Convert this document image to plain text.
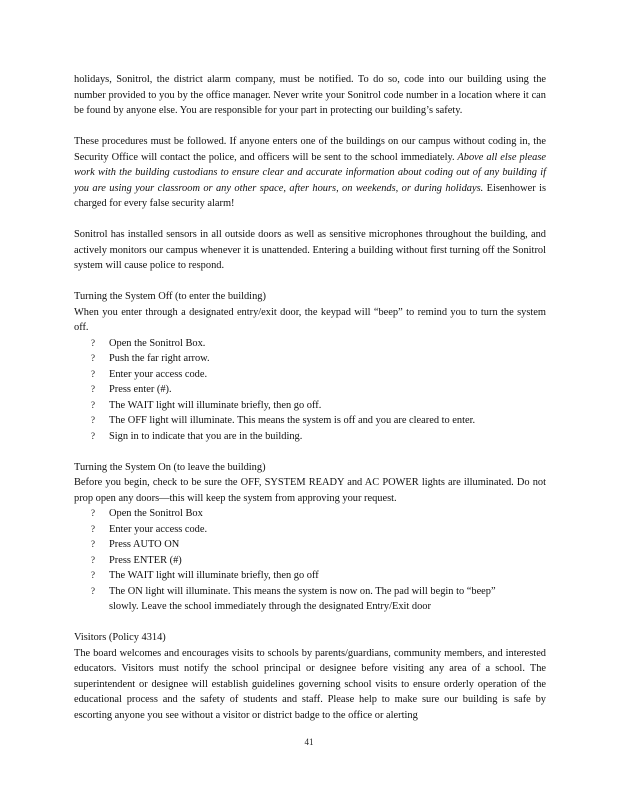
holidays, Sonitrol, the district alarm company, must be notified. To do so, code into our building using the number provided to you by the office manager. Never write your Sonitrol code number in a location where it can be found by anyone else. You are responsible for your part in protecting our building’s safety.

These procedures must be followed. If anyone enters one of the buildings on our campus without coding in, the Security Office will contact the police, and officers will be sent to the school immediately. Above all else please work with the building custodians to ensure clear and accurate information about coding out of any building if you are using your classroom or any other space, after hours, on weekends, or during holidays. Eisenhower is charged for every false security alarm!

Sonitrol has installed sensors in all outside doors as well as sensitive microphones throughout the building, and actively monitors our campus whenever it is unattended. Entering a building without first turning off the Sonitrol system will cause police to respond.

Turning the System Off (to enter the building)

When you enter through a designated entry/exit door, the keypad will “beep” to remind you to turn the system off.

? Open the Sonitrol Box.
? Push the far right arrow.
? Enter your access code.
? Press enter (#).
? The WAIT light will illuminate briefly, then go off.
? The OFF light will illuminate. This means the system is off and you are cleared to enter.
? Sign in to indicate that you are in the building.

Turning the System On (to leave the building)

Before you begin, check to be sure the OFF, SYSTEM READY and AC POWER lights are illuminated. Do not prop open any doors—this will keep the system from approving your request.

? Open the Sonitrol Box
? Enter your access code.
? Press AUTO ON
? Press ENTER (#)
? The WAIT light will illuminate briefly, then go off
? The ON light will illuminate. This means the system is now on. The pad will begin to “beep”
slowly. Leave the school immediately through the designated Entry/Exit door

Visitors (Policy 4314)

The board welcomes and encourages visits to schools by parents/guardians, community members, and interested educators. Visitors must notify the school principal or designee before visiting any area of a school. The superintendent or designee will establish guidelines governing school visits to ensure orderly operation of the educational process and the safety of students and staff. Please help to make sure our building is safe by escorting anyone you see without a visitor or district badge to the office or alerting

41
